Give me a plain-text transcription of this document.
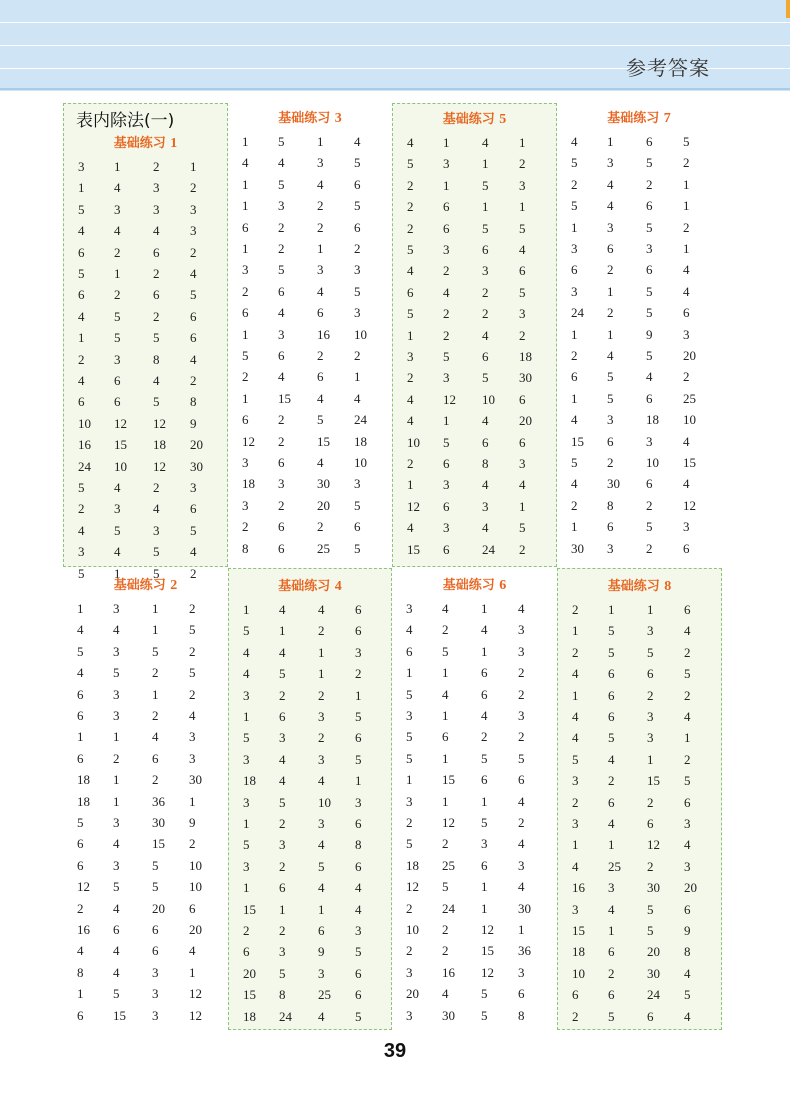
参考答案
表内除法(一)
基础练习 1
3 1	2 1
1 4	3 2
5 3	3 3
4 4	4 3
6 2	6 2
5 1	2 4
6 2	6 5
4 5	2 6
1 5	5 6
2 3	8 4
4 6	4 2
6 6	5 8
10 12 12 9
16 15 18 20
24 10 12 30
5 4	2 3
2 3	4 6
4 5	3 5
3 4	5 4
5 1	5 2
基础练习 3
1 5	1 4
4 4	3 5
1 5	4 6
1 3	2 5
6 2	2 6
1 2	1 2
3 5	3 3
2 6	4 5
6 4	6 3
1 3	16 10
5 6	2 2
2 4	6 1
1 15 4 4
6 2	5 24
12 2	15 18
3 6	4 10
18 3	30 3
3 2	20 5
2 6	2 6
8 6	25 5
基础练习 5
4 1	4 1
5 3	1 2
2 1	5 3
2 6	1 1
2 6	5 5
5 3	6 4
4 2	3 6
6 4	2 5
5 2	2 3
1 2	4 2
3 5	6 18
2 3	5 30
4 12 10 6
4 1	4 20
10 5	6 6
2 6	8 3
1 3	4 4
12 6	3 1
4 3	4 5
15 6	24 2
基础练习 7
4 1	6 5
5 3	5 2
2 4	2 1
5 4	6 1
1 3	5 2
3 6	3 1
6 2	6 4
3 1	5 4
24 2	5 6
1 1	9 3
2 4	5 20
6 5	4 2
1 5	6 25
4 3	18 10
15 6	3 4
5 2	10 15
4 30 6 4
2 8	2 12
1 6	5 3
30 3	2 6
基础练习 2
1 3	1 2
4 4	1 5
5 3	5 2
4 5	2 5
6 3	1 2
6 3	2 4
1 1	4 3
6 2	6 3
18 1	2 30
18 1	36 1
5 3	30 9
6 4	15 2
6 3	5 10
12 5	5 10
2 4	20 6
16 6	6 20
4 4	6 4
8 4	3 1
1 5	3 12
6 15 3 12
基础练习 4
1 4	4 6
5 1	2 6
4 4	1 3
4 5	1 2
3 2	2 1
1 6	3 5
5 3	2 6
3 4	3 5
18 4	4 1
3 5	10 3
1 2	3 6
5 3	4 8
3 2	5 6
1 6	4 4
15 1	1 4
2 2	6 3
6 3	9 5
20 5	3 6
15 8	25 6
18 24 4 5
基础练习 6
3 4	1 4
4 2	4 3
6 5	1 3
1 1	6 2
5 4	6 2
3 1	4 3
5 6	2 2
5 1	5 5
1 15 6 6
3 1	1 4
2 12 5 2
5 2	3 4
18 25 6 3
12 5	1 4
2 24 1 30
10 2	12 1
2 2	15 36
3 16 12 3
20 4	5 6
3 30 5 8
基础练习 8
2 1	1 6
1 5	3 4
2 5	5 2
4 6	6 5
1 6	2 2
4 6	3 4
4 5	3 1
5 4	1 2
3 2	15 5
2 6	2 6
3 4	6 3
1 1	12 4
4 25 2 3
16 3	30 20
3 4	5 6
15 1	5 9
18 6	20 8
10 2	30 4
6 6	24 5
2 5	6 4
39
